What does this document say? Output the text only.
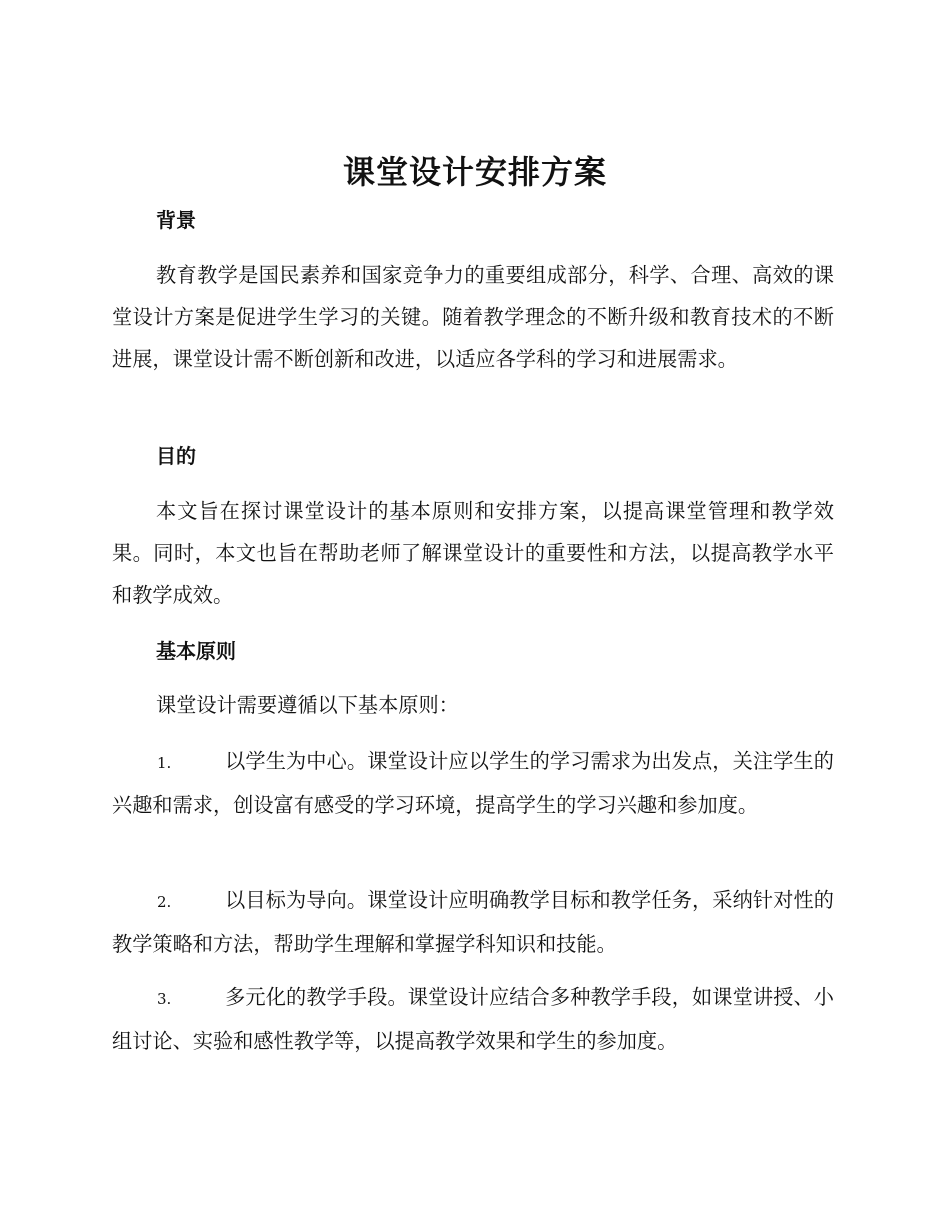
课堂设计安排方案
背景
教育教学是国民素养和国家竞争力的重要组成部分，科学、合理、高效的课堂设计方案是促进学生学习的关键。随着教学理念的不断升级和教育技术的不断进展，课堂设计需不断创新和改进，以适应各学科的学习和进展需求。
目的
本文旨在探讨课堂设计的基本原则和安排方案，以提高课堂管理和教学效果。同时，本文也旨在帮助老师了解课堂设计的重要性和方法，以提高教学水平和教学成效。
基本原则
课堂设计需要遵循以下基本原则：
1.	以学生为中心。课堂设计应以学生的学习需求为出发点，关注学生的兴趣和需求，创设富有感受的学习环境，提高学生的学习兴趣和参加度。
2.	以目标为导向。课堂设计应明确教学目标和教学任务，采纳针对性的教学策略和方法，帮助学生理解和掌握学科知识和技能。
3.	多元化的教学手段。课堂设计应结合多种教学手段，如课堂讲授、小组讨论、实验和感性教学等，以提高教学效果和学生的参加度。
